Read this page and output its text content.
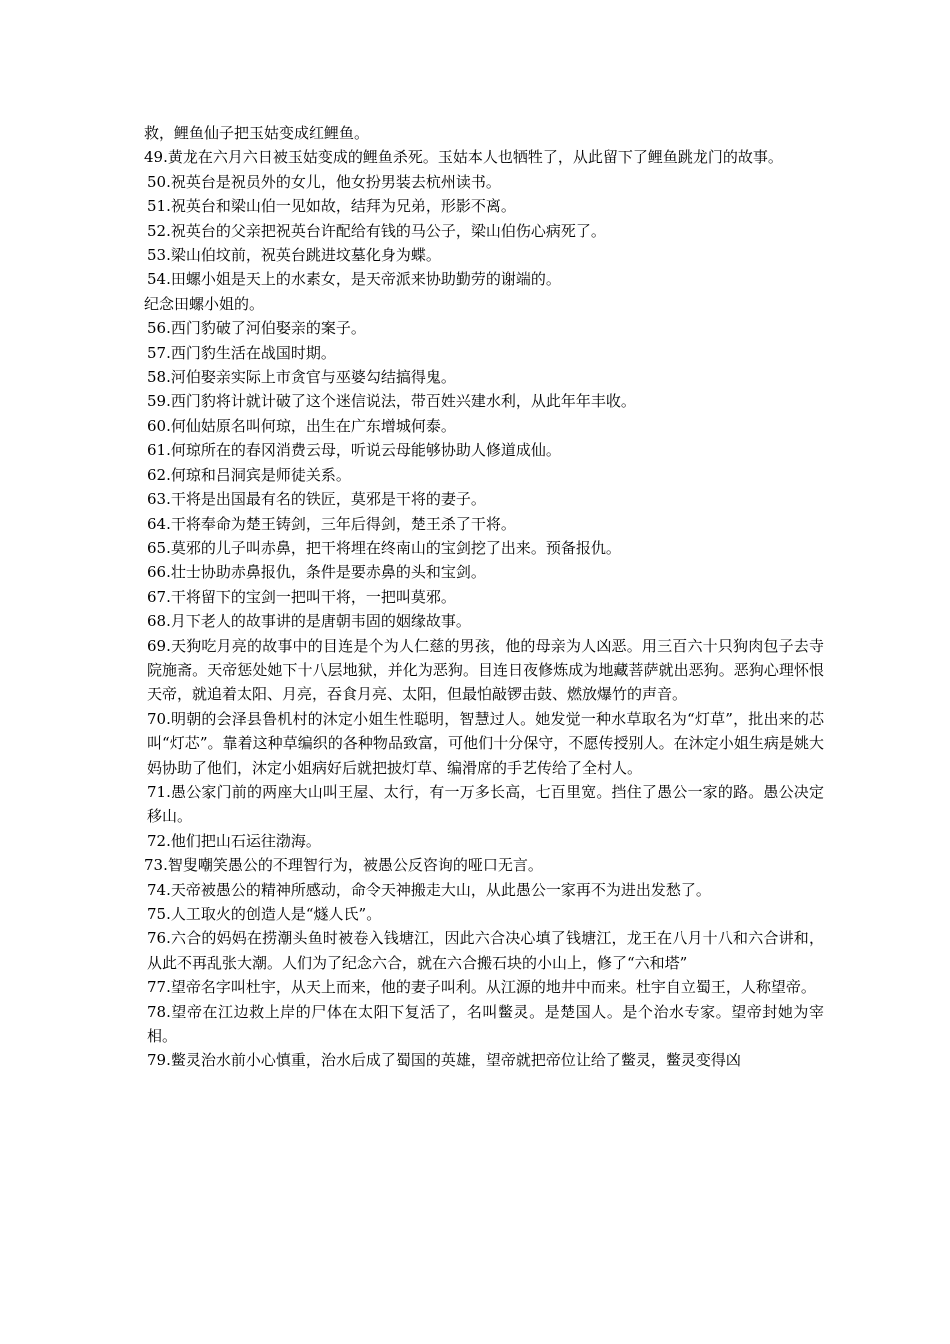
救，鲤鱼仙子把玉姑变成红鲤鱼。

49.黄龙在六月六日被玉姑变成的鲤鱼杀死。玉姑本人也牺牲了，从此留下了鲤鱼跳龙门的故事。

50.祝英台是祝员外的女儿，他女扮男装去杭州读书。

51.祝英台和梁山伯一见如故，结拜为兄弟，形影不离。

52.祝英台的父亲把祝英台许配给有钱的马公子，梁山伯伤心病死了。

53.梁山伯坟前，祝英台跳进坟墓化身为蝶。

54.田螺小姐是天上的水素女，是天帝派来协助勤劳的谢端的。

纪念田螺小姐的。

56.西门豹破了河伯娶亲的案子。

57.西门豹生活在战国时期。

58.河伯娶亲实际上市贪官与巫婆勾结搞得鬼。

59.西门豹将计就计破了这个迷信说法，带百姓兴建水利，从此年年丰收。

60.何仙姑原名叫何琼，出生在广东增城何泰。

61.何琼所在的春冈消费云母，听说云母能够协助人修道成仙。

62.何琼和吕洞宾是师徒关系。

63.干将是出国最有名的铁匠，莫邪是干将的妻子。

64.干将奉命为楚王铸剑，三年后得剑，楚王杀了干将。

65.莫邪的儿子叫赤鼻，把干将埋在终南山的宝剑挖了出来。预备报仇。

66.壮士协助赤鼻报仇，条件是要赤鼻的头和宝剑。

67.干将留下的宝剑一把叫干将，一把叫莫邪。

68.月下老人的故事讲的是唐朝韦固的姻缘故事。

69.天狗吃月亮的故事中的目连是个为人仁慈的男孩，他的母亲为人凶恶。用三百六十只狗肉包子去寺院施斋。天帝惩处她下十八层地狱，并化为恶狗。目连日夜修炼成为地藏菩萨就出恶狗。恶狗心理怀恨天帝，就追着太阳、月亮，吞食月亮、太阳，但最怕敲锣击鼓、燃放爆竹的声音。

70.明朝的会泽县鲁机村的沐定小姐生性聪明，智慧过人。她发觉一种水草取名为“灯草”，批出来的芯叫“灯芯”。靠着这种草编织的各种物品致富，可他们十分保守，不愿传授别人。在沐定小姐生病是姚大妈协助了他们，沐定小姐病好后就把披灯草、编滑席的手艺传给了全村人。

71.愚公家门前的两座大山叫王屋、太行，有一万多长高，七百里宽。挡住了愚公一家的路。愚公决定移山。

72.他们把山石运往渤海。

73.智叟嘲笑愚公的不理智行为，被愚公反咨询的哑口无言。

74.天帝被愚公的精神所感动，命令天神搬走大山，从此愚公一家再不为进出发愁了。

75.人工取火的创造人是“燧人氏”。

76.六合的妈妈在捞潮头鱼时被卷入钱塘江，因此六合决心填了钱塘江，龙王在八月十八和六合讲和，从此不再乱张大潮。人们为了纪念六合，就在六合搬石块的小山上，修了“六和塔”

77.望帝名字叫杜宇，从天上而来，他的妻子叫利。从江源的地井中而来。杜宇自立蜀王，人称望帝。

78.望帝在江边救上岸的尸体在太阳下复活了，名叫鳖灵。是楚国人。是个治水专家。望帝封她为宰相。

79.鳖灵治水前小心慎重，治水后成了蜀国的英雄，望帝就把帝位让给了鳖灵，鳖灵变得凶
